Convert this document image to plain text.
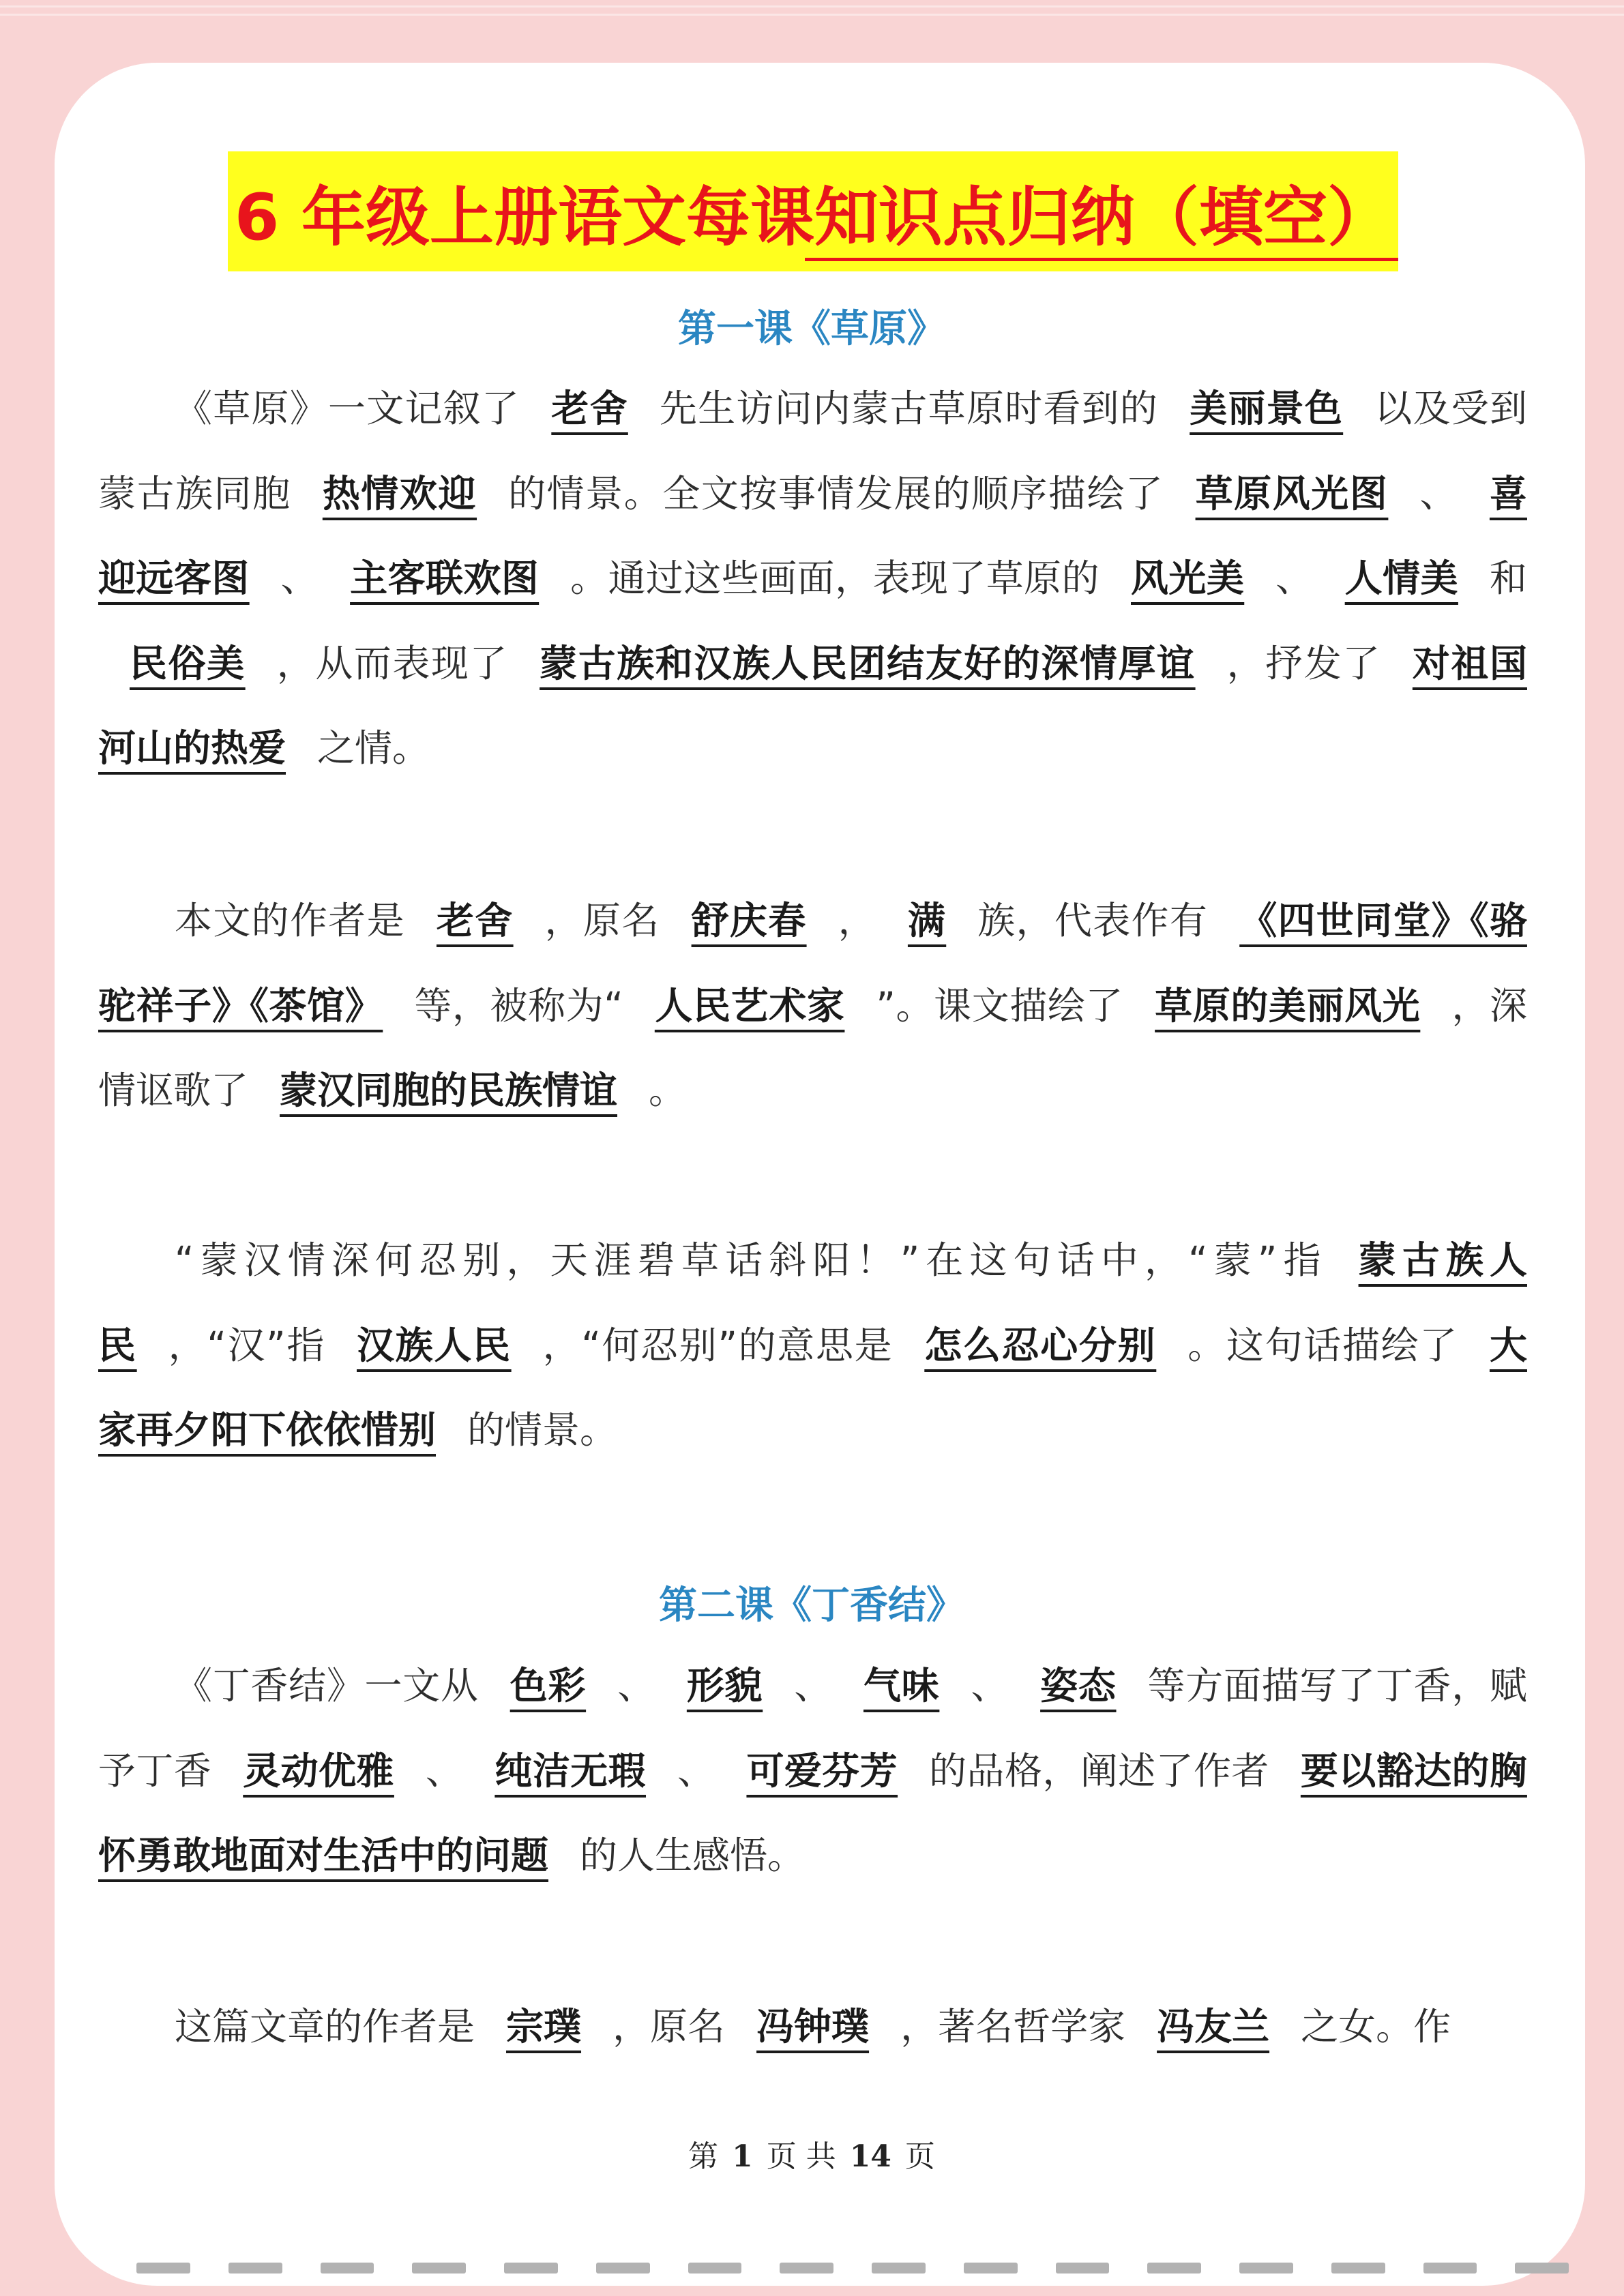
6 年级上册语文每课知识点归纳（填空）
第一课《草原》

《草原》一文记叙了 老舍 先生访问内蒙古草原时看到的 美丽景色 以及受到蒙古族同胞 热情欢迎 的情景。全文按事情发展的顺序描绘了 草原风光图 、 喜迎远客图 、 主客联欢图 。通过这些画面，表现了草原的 风光美 、 人情美 和民俗美 ，从而表现了 蒙古族和汉族人民团结友好的深情厚谊 ，抒发了 对祖国河山的热爱 之情。

本文的作者是 老舍 ，原名 舒庆春 ， 满 族，代表作有 《四世同堂》《骆驼祥子》《茶馆》 等，被称为“ 人民艺术家 ”。课文描绘了 草原的美丽风光 ，深情讴歌了 蒙汉同胞的民族情谊 。

“蒙汉情深何忍别，天涯碧草话斜阳！”在这句话中，“蒙”指 蒙古族人民 ，“汉”指 汉族人民 ，“何忍别”的意思是 怎么忍心分别 。这句话描绘了 大家再夕阳下依依惜别 的情景。

第二课《丁香结》

《丁香结》一文从 色彩 、 形貌 、 气味 、 姿态 等方面描写了丁香，赋予丁香 灵动优雅 、 纯洁无瑕 、 可爱芬芳 的品格，阐述了作者 要以豁达的胸怀勇敢地面对生活中的问题 的人生感悟。

这篇文章的作者是 宗璞 ，原名 冯钟璞 ，著名哲学家 冯友兰 之女。作

第 1 页 共 14 页
